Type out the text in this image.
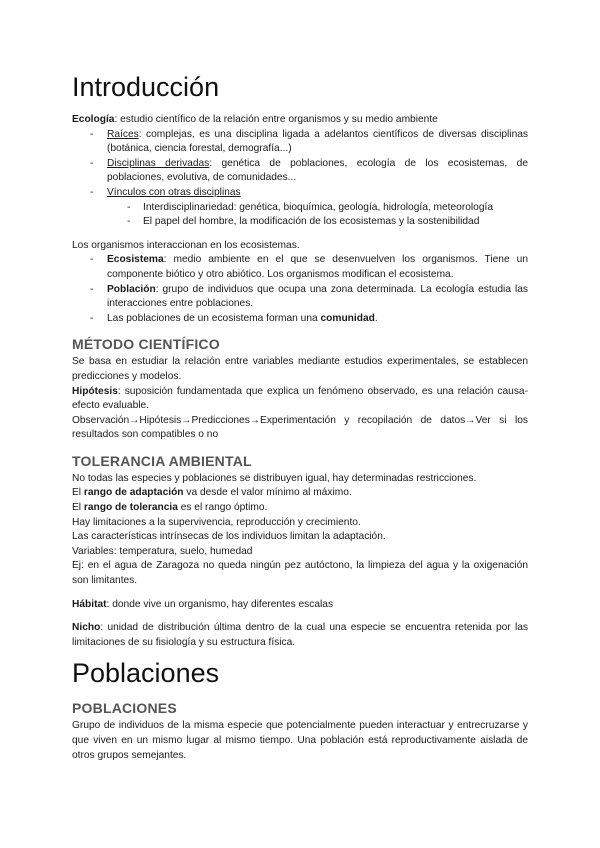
Introducción

Ecología: estudio científico de la relación entre organismos y su medio ambiente

- Raíces: complejas, es una disciplina ligada a adelantos científicos de diversas disciplinas (botánica, ciencia forestal, demografía...)
- Disciplinas derivadas: genética de poblaciones, ecología de los ecosistemas, de poblaciones, evolutiva, de comunidades...
- Vínculos con otras disciplinas
- Interdisciplinariedad: genética, bioquímica, geología, hidrología, meteorología
- El papel del hombre, la modificación de los ecosistemas y la sostenibilidad

Los organismos interaccionan en los ecosistemas.

- Ecosistema: medio ambiente en el que se desenvuelven los organismos. Tiene un componente biótico y otro abiótico. Los organismos modifican el ecosistema.
- Población: grupo de individuos que ocupa una zona determinada. La ecología estudia las interacciones entre poblaciones.
- Las poblaciones de un ecosistema forman una comunidad.
MÉTODO CIENTÍFICO

Se basa en estudiar la relación entre variables mediante estudios experimentales, se establecen predicciones y modelos.

Hipótesis: suposición fundamentada que explica un fenómeno observado, es una relación causa-efecto evaluable.

Observación→Hipótesis→Predicciones→Experimentación y recopilación de datos→Ver si los resultados son compatibles o no

TOLERANCIA AMBIENTAL

No todas las especies y poblaciones se distribuyen igual, hay determinadas restricciones.

El rango de adaptación va desde el valor mínimo al máximo.

El rango de tolerancia es el rango óptimo.

Hay limitaciones a la supervivencia, reproducción y crecimiento.

Las características intrínsecas de los individuos limitan la adaptación.

Variables: temperatura, suelo, humedad

Ej: en el agua de Zaragoza no queda ningún pez autóctono, la limpieza del agua y la oxigenación son limitantes.

Hábitat: donde vive un organismo, hay diferentes escalas

Nicho: unidad de distribución última dentro de la cual una especie se encuentra retenida por las limitaciones de su fisiología y su estructura física.

Poblaciones
POBLACIONES

Grupo de individuos de la misma especie que potencialmente pueden interactuar y entrecruzarse y que viven en un mismo lugar al mismo tiempo. Una población está reproductivamente aislada de otros grupos semejantes.
